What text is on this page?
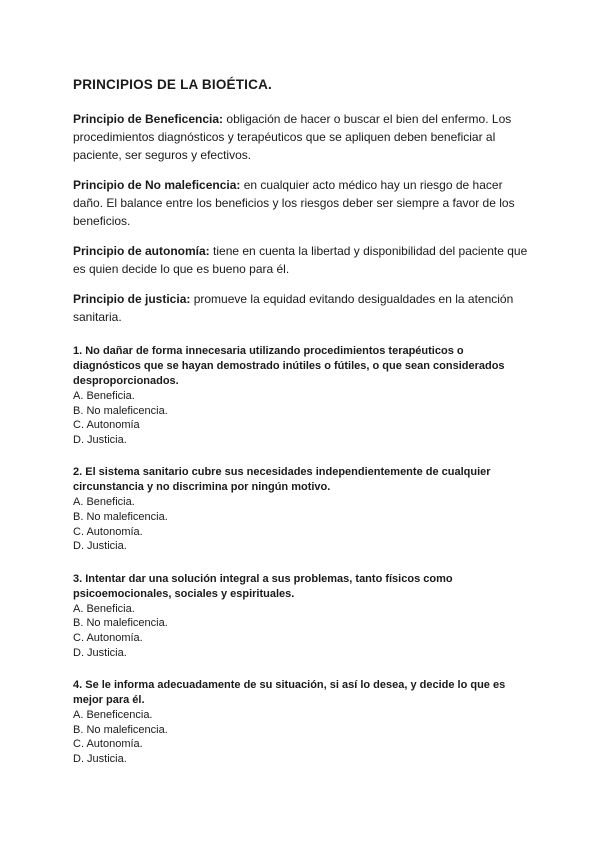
PRINCIPIOS DE LA BIOÉTICA.
Principio de Beneficencia: obligación de hacer o buscar el bien del enfermo. Los procedimientos diagnósticos y terapéuticos que se apliquen deben beneficiar al paciente, ser seguros y efectivos.
Principio de No maleficencia: en cualquier acto médico hay un riesgo de hacer daño. El balance entre los beneficios y los riesgos deber ser siempre a favor de los beneficios.
Principio de autonomía: tiene en cuenta la libertad y disponibilidad del paciente que es quien decide lo que es bueno para él.
Principio de justicia: promueve la equidad evitando desigualdades en la atención sanitaria.
1. No dañar de forma innecesaria utilizando procedimientos terapéuticos o diagnósticos que se hayan demostrado inútiles o fútiles, o que sean considerados desproporcionados.
A. Beneficia.
B. No maleficencia.
C. Autonomía
D. Justicia.
2. El sistema sanitario cubre sus necesidades independientemente de cualquier circunstancia y no discrimina por ningún motivo.
A. Beneficia.
B. No maleficencia.
C. Autonomía.
D. Justicia.
3. Intentar dar una solución integral a sus problemas, tanto físicos como psicoemocionales, sociales y espirituales.
A. Beneficia.
B. No maleficencia.
C. Autonomía.
D. Justicia.
4. Se le informa adecuadamente de su situación, si así lo desea, y decide lo que es mejor para él.
A. Beneficencia.
B. No maleficencia.
C. Autonomía.
D. Justicia.
